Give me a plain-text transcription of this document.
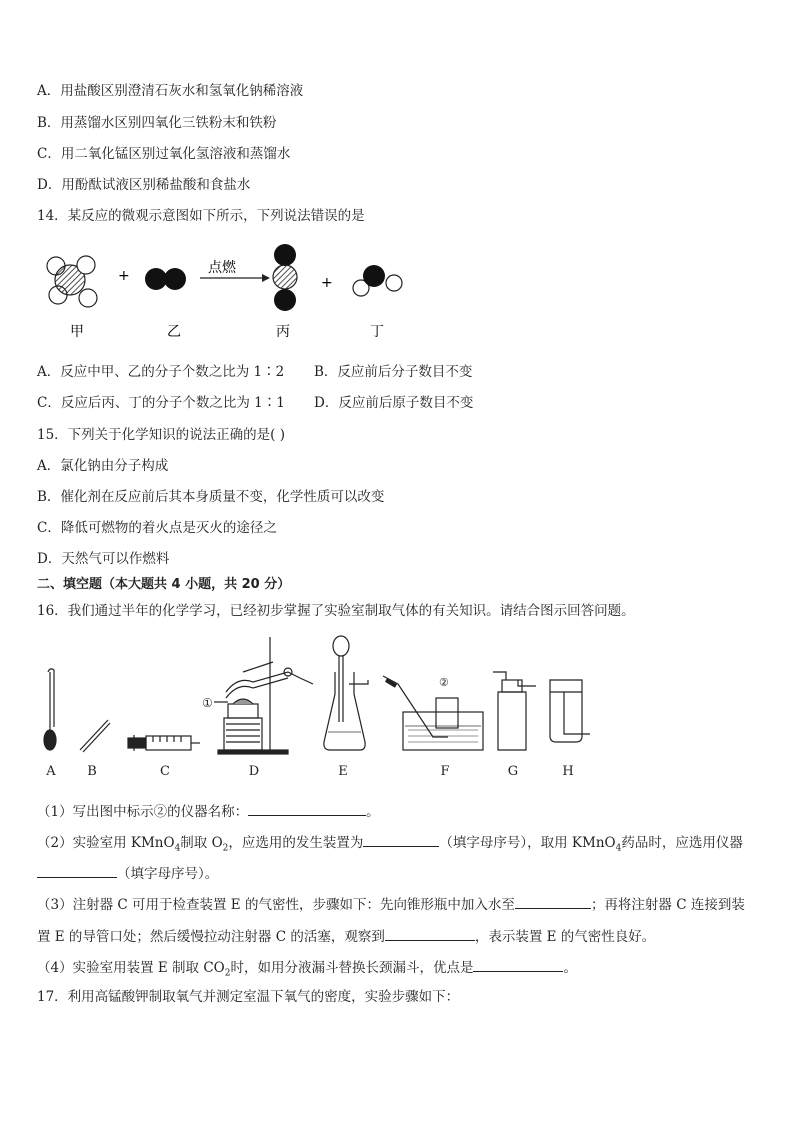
A．用盐酸区别澄清石灰水和氢氧化钠稀溶液
B．用蒸馏水区别四氧化三铁粉末和铁粉
C．用二氧化锰区别过氧化氢溶液和蒸馏水
D．用酚酞试液区别稀盐酸和食盐水
14．某反应的微观示意图如下所示，下列说法错误的是
+	点燃
+
甲	乙	丙	丁
A．反应中甲、乙的分子个数之比为 1∶2 B．反应前后分子数目不变
C．反应后丙、丁的分子个数之比为 1∶1 D．反应前后原子数目不变
15．下列关于化学知识的说法正确的是( )
A．氯化钠由分子构成
B．催化剂在反应前后其本身质量不变，化学性质可以改变
C．降低可燃物的着火点是灭火的途径之
D．天然气可以作燃料
二、填空题（本大题共 4 小题，共 20 分）
16．我们通过半年的化学学习，已经初步掌握了实验室制取气体的有关知识。请结合图示回答问题。
①
②
A	B	C	D	E	F	G	H
（1）写出图中标示②的仪器名称：	。
（2）实验室用 KMnO$_4$制取 $O_2$，应选用的发生装置为	（填字母序号），取用 KMnO$_4$药品时，应选用仪器
（填字母序号）。
（3）注射器 C 可用于检查装置 E 的气密性，步骤如下：先向锥形瓶中加入水至	；再将注射器 C 连接到装
置 E 的导管口处；然后缓慢拉动注射器 C 的活塞，观察到	，表示装置 E 的气密性良好。
（4）实验室用装置 E 制取 $CO_2$时，如用分液漏斗替换长颈漏斗，优点是	。
17．利用高锰酸钾制取氧气并测定室温下氧气的密度，实验步骤如下：
